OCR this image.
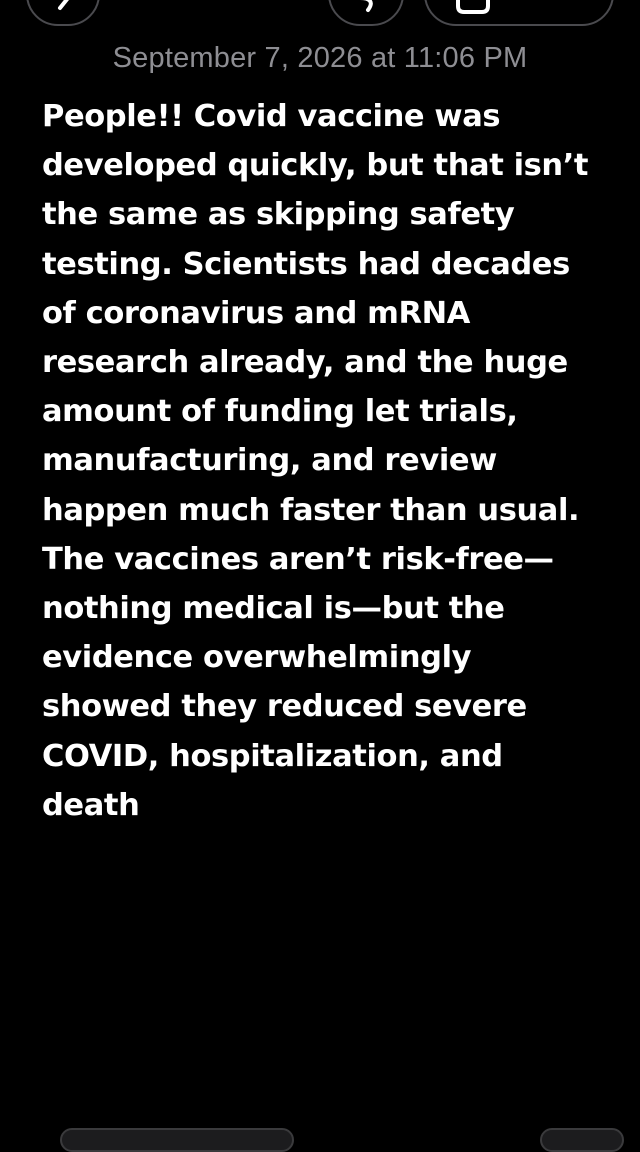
September 7, 2026 at 11:06 PM
People!! Covid vaccine was developed quickly, but that isn’t the same as skipping safety testing. Scientists had decades of coronavirus and mRNA research already, and the huge amount of funding let trials, manufacturing, and review happen much faster than usual. The vaccines aren’t risk-free—nothing medical is—but the evidence overwhelmingly showed they reduced severe COVID, hospitalization, and death
